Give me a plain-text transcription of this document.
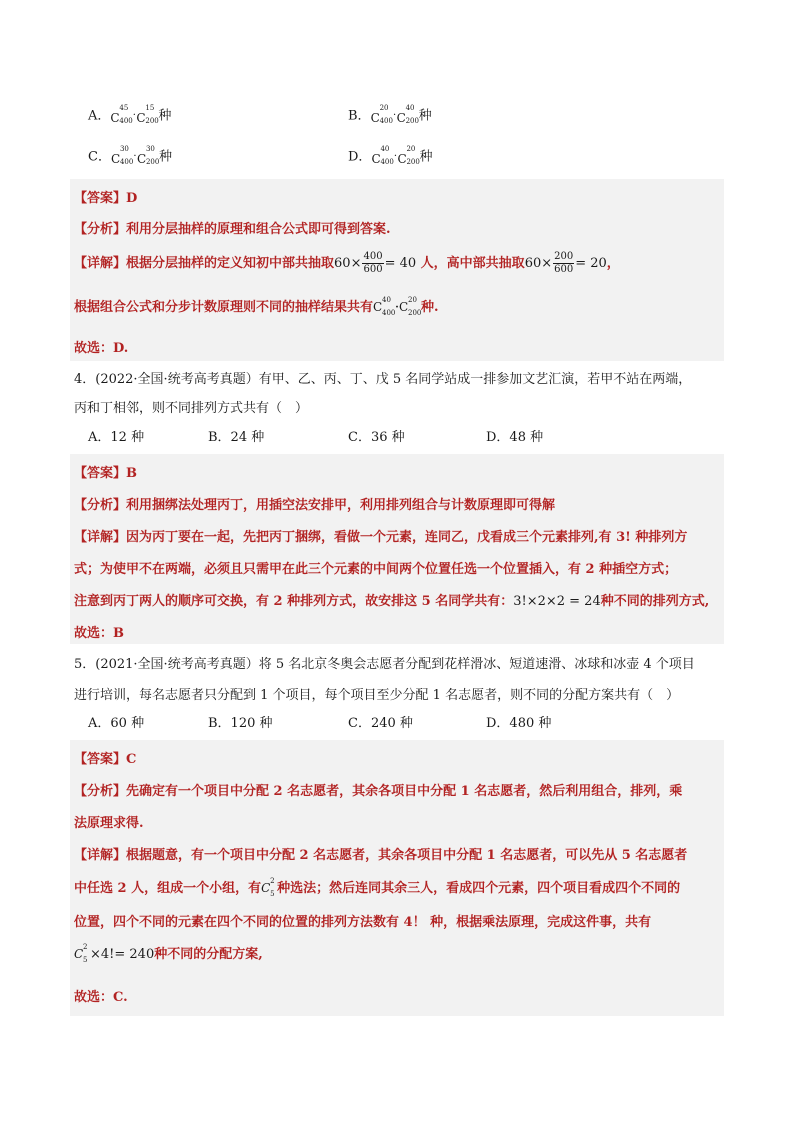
A． C
45
400 · C
15
200 种	B． C
20
400 · C
40
200 种
C． C
30
400 · C
30
200 种	D． C
40
400 · C
20
200 种
【答案】D
【分析】利用分层抽样的原理和组合公式即可得到答案.
【详解】根据分层抽样的定义知初中部共抽取$60\times \frac{400}{600} = 40$ 人，高中部共抽取$60\times \frac{200}{600} = 20$，
根据组合公式和分步计数原理则不同的抽样结果共有 C 40
400 · C 20
200 种.
故选：D.
4．(2022·全国·统考高考真题）有甲、乙、丙、丁、戊 5 名同学站成一排参加文艺汇演，若甲不站在两端，
丙和丁相邻，则不同排列方式共有（　）
A．12 种	B．24 种	C．36 种	D．48 种
【答案】B
【分析】利用捆绑法处理丙丁，用插空法安排甲，利用排列组合与计数原理即可得解
【详解】因为丙丁要在一起，先把丙丁捆绑，看做一个元素，连同乙，戊看成三个元素排列,有 3! 种排列方
式；为使甲不在两端，必须且只需甲在此三个元素的中间两个位置任选一个位置插入，有 2 种插空方式；
注意到丙丁两人的顺序可交换，有 2 种排列方式，故安排这 5 名同学共有：3!×2×2 = 24种不同的排列方式,
故选：B
5．(2021·全国·统考高考真题）将 5 名北京冬奥会志愿者分配到花样滑冰、短道速滑、冰球和冰壶 4 个项目
进行培训，每名志愿者只分配到 1 个项目，每个项目至少分配 1 名志愿者，则不同的分配方案共有（　）
A．60 种	B．120 种	C．240 种	D．480 种
【答案】C
【分析】先确定有一个项目中分配 2 名志愿者，其余各项目中分配 1 名志愿者，然后利用组合，排列，乘
法原理求得.
【详解】根据题意，有一个项目中分配 2 名志愿者，其余各项目中分配 1 名志愿者，可以先从 5 名志愿者
中任选 2 人，组成一个小组，有 C 2
5 种选法；然后连同其余三人，看成四个元素，四个项目看成四个不同的
位置，四个不同的元素在四个不同的位置的排列方法数有 4！ 种，根据乘法原理，完成这件事，共有
C 2
5 ×4!= 240种不同的分配方案,
故选：C.
